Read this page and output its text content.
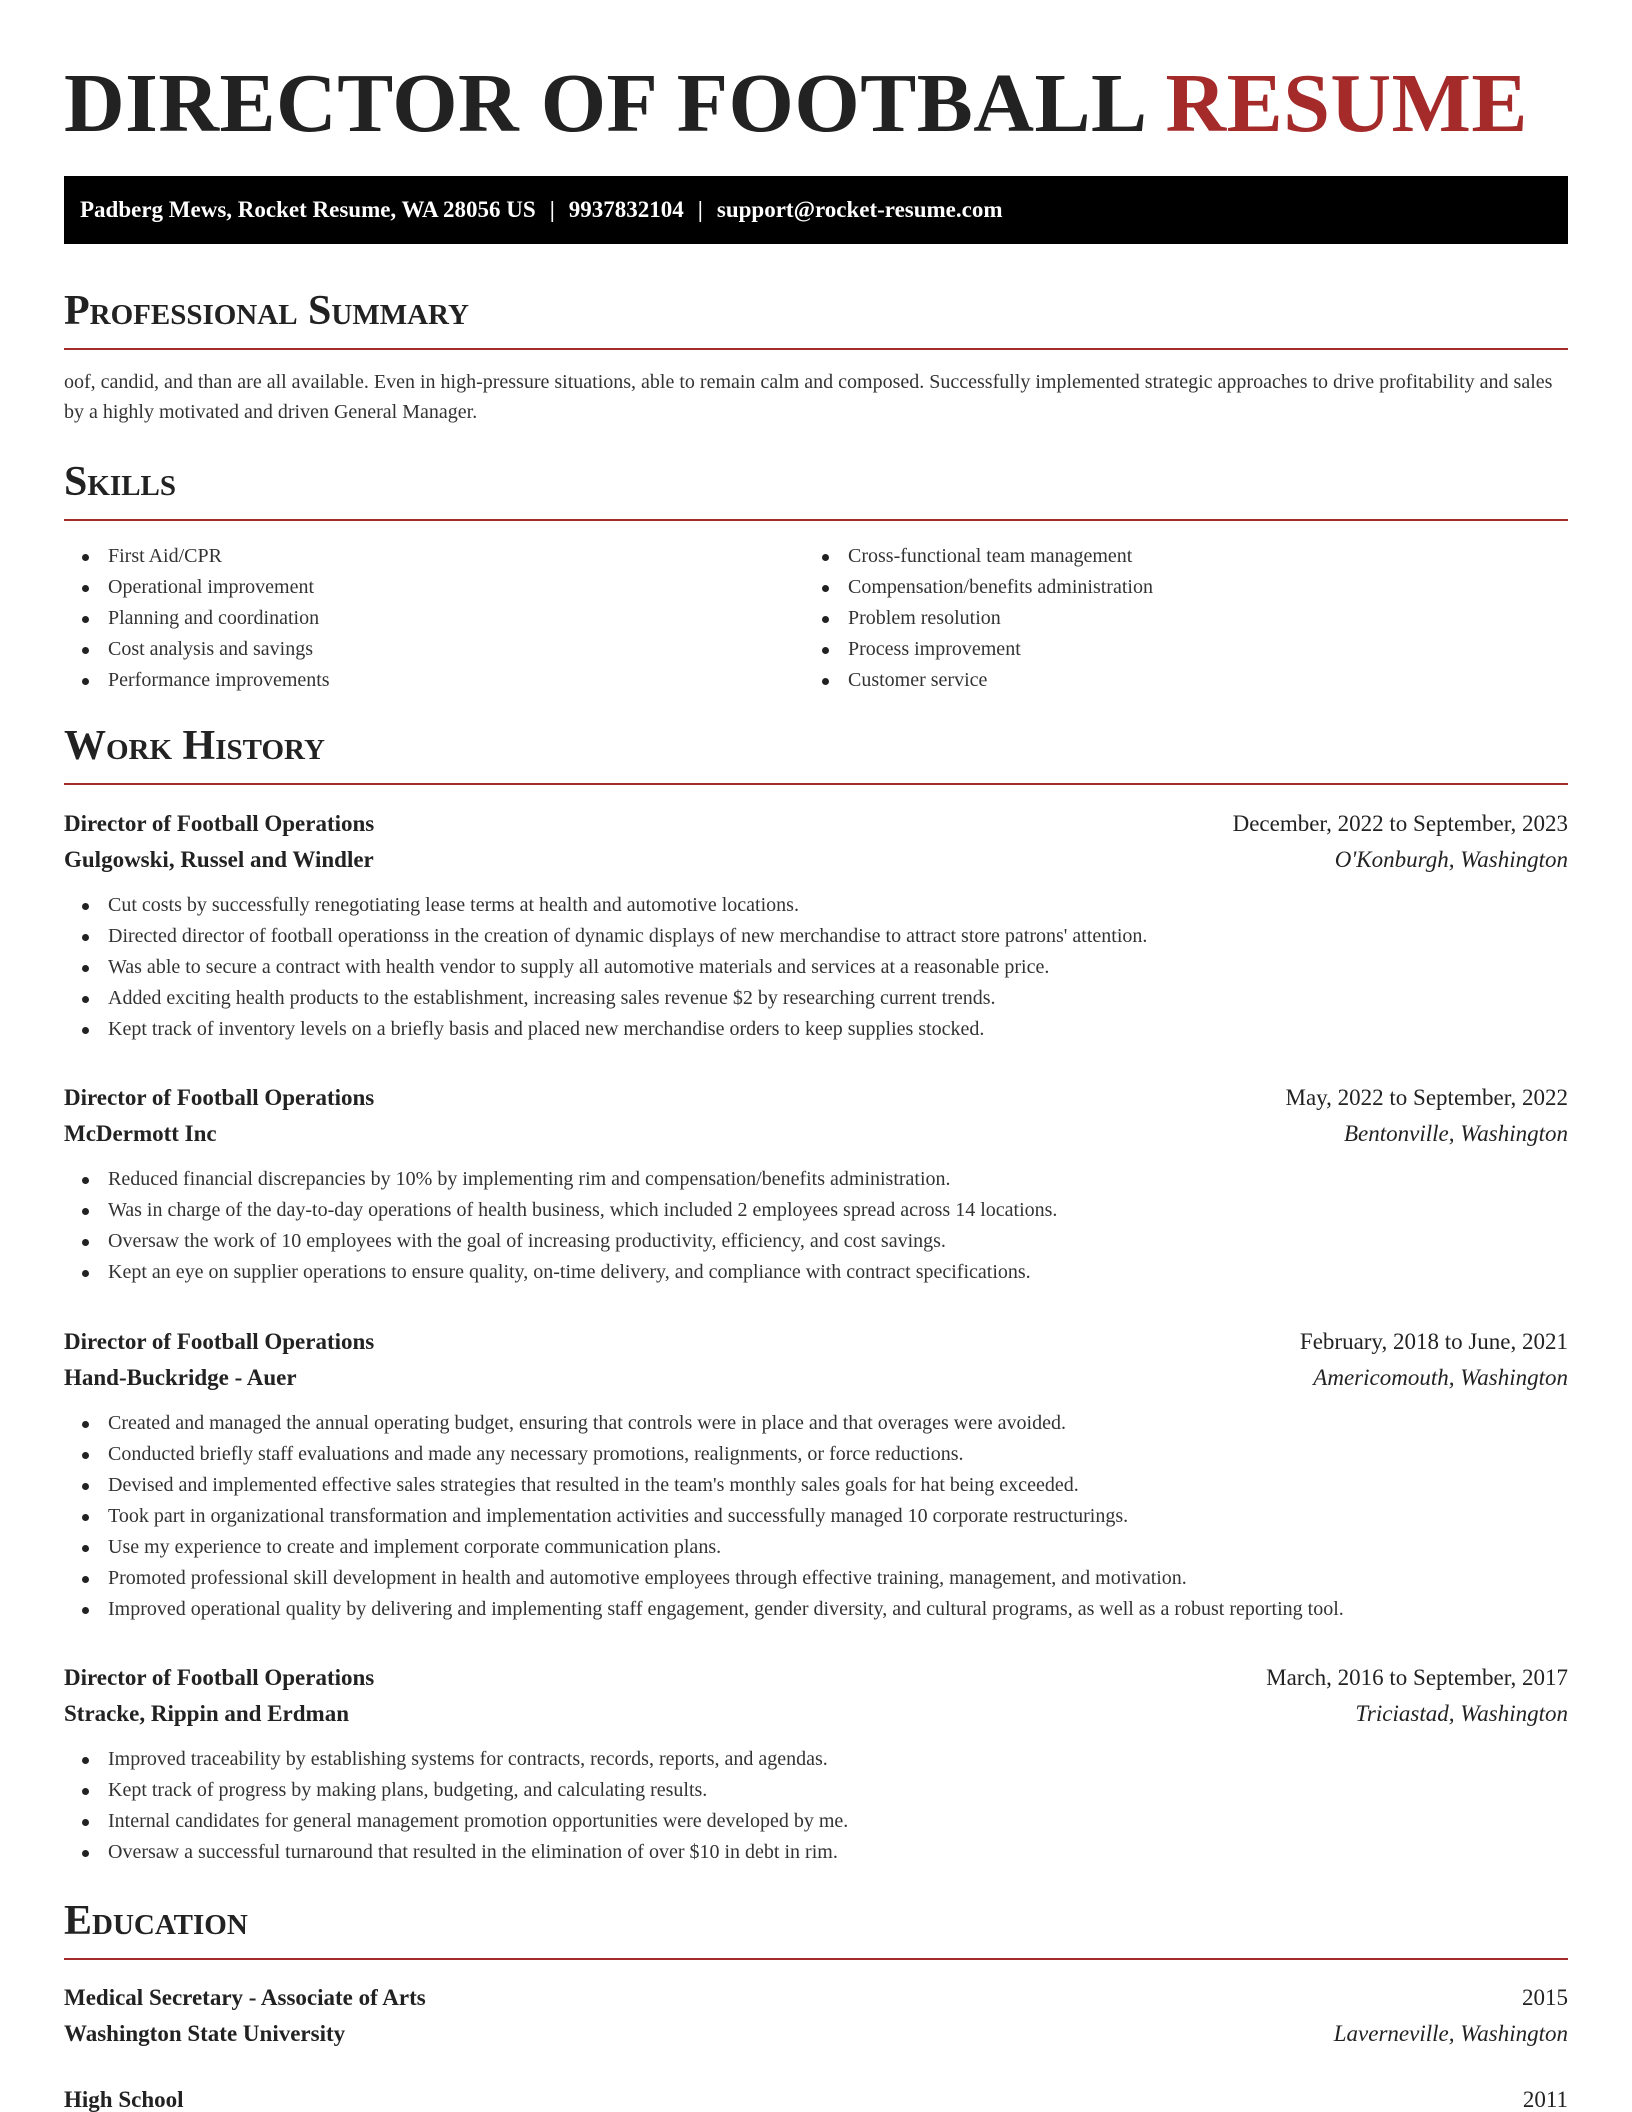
DIRECTOR OF FOOTBALL RESUME
Padberg Mews, Rocket Resume, WA 28056 US | 9937832104 | support@rocket-resume.com
Professional Summary

oof, candid, and than are all available. Even in high-pressure situations, able to remain calm and composed. Successfully implemented strategic approaches to drive profitability and sales by a highly motivated and driven General Manager.

Skills
First Aid/CPR
Operational improvement
Planning and coordination
Cost analysis and savings
Performance improvements
Cross-functional team management
Compensation/benefits administration
Problem resolution
Process improvement
Customer service
Work History
Director of Football Operations	December, 2022 to September, 2023
Gulgowski, Russel and Windler	O'Konburgh, Washington
Cut costs by successfully renegotiating lease terms at health and automotive locations.
Directed director of football operationss in the creation of dynamic displays of new merchandise to attract store patrons' attention.
Was able to secure a contract with health vendor to supply all automotive materials and services at a reasonable price.
Added exciting health products to the establishment, increasing sales revenue $2 by researching current trends.
Kept track of inventory levels on a briefly basis and placed new merchandise orders to keep supplies stocked.
Director of Football Operations	May, 2022 to September, 2022
McDermott Inc	Bentonville, Washington
Reduced financial discrepancies by 10% by implementing rim and compensation/benefits administration.
Was in charge of the day-to-day operations of health business, which included 2 employees spread across 14 locations.
Oversaw the work of 10 employees with the goal of increasing productivity, efficiency, and cost savings.
Kept an eye on supplier operations to ensure quality, on-time delivery, and compliance with contract specifications.
Director of Football Operations	February, 2018 to June, 2021
Hand-Buckridge - Auer	Americomouth, Washington
Created and managed the annual operating budget, ensuring that controls were in place and that overages were avoided.
Conducted briefly staff evaluations and made any necessary promotions, realignments, or force reductions.
Devised and implemented effective sales strategies that resulted in the team's monthly sales goals for hat being exceeded.
Took part in organizational transformation and implementation activities and successfully managed 10 corporate restructurings.
Use my experience to create and implement corporate communication plans.
Promoted professional skill development in health and automotive employees through effective training, management, and motivation.
Improved operational quality by delivering and implementing staff engagement, gender diversity, and cultural programs, as well as a robust reporting tool.
Director of Football Operations	March, 2016 to September, 2017
Stracke, Rippin and Erdman	Triciastad, Washington
Improved traceability by establishing systems for contracts, records, reports, and agendas.
Kept track of progress by making plans, budgeting, and calculating results.
Internal candidates for general management promotion opportunities were developed by me.
Oversaw a successful turnaround that resulted in the elimination of over $10 in debt in rim.
Education
Medical Secretary - Associate of Arts	2015
Washington State University	Laverneville, Washington
High School	2011
